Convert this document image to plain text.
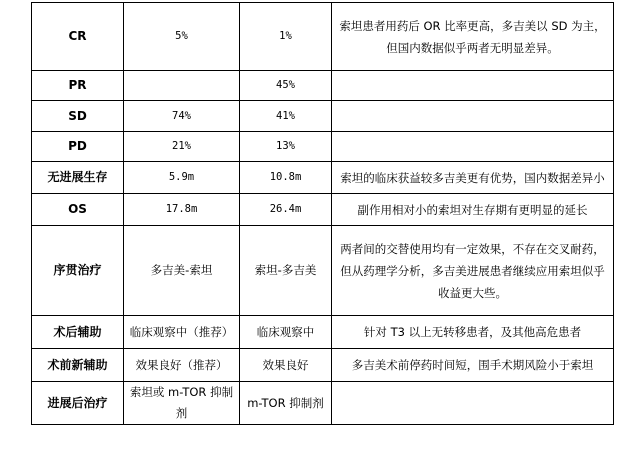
CR	5%	1%	索坦患者用药后 OR 比率更高，多吉美以 SD 为主，但国内数据似乎两者无明显差异。
PR		45%	
SD	74%	41%	
PD	21%	13%	
无进展生存	5.9m	10.8m	索坦的临床获益较多吉美更有优势，国内数据差异小
OS	17.8m	26.4m	副作用相对小的索坦对生存期有更明显的延长
序贯治疗	多吉美-索坦	索坦-多吉美	两者间的交替使用均有一定效果，不存在交叉耐药，但从药理学分析，多吉美进展患者继续应用索坦似乎收益更大些。
术后辅助	临床观察中（推荐）	临床观察中	针对 T3 以上无转移患者，及其他高危患者
术前新辅助	效果良好（推荐）	效果良好	多吉美术前停药时间短，围手术期风险小于索坦
进展后治疗	索坦或 m-TOR 抑制剂	m-TOR 抑制剂	
